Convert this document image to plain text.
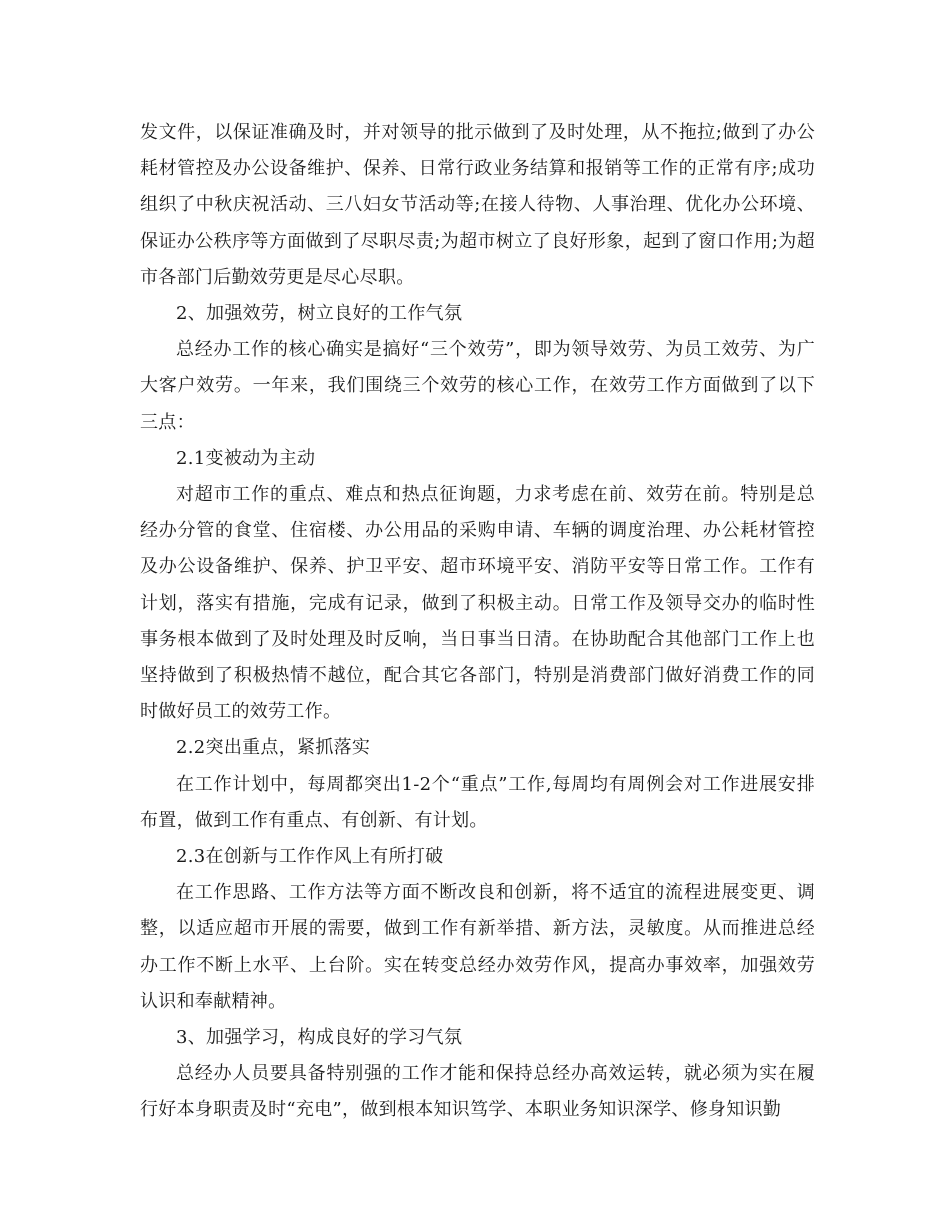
发文件，以保证准确及时，并对领导的批示做到了及时处理，从不拖拉;做到了办公耗材管控及办公设备维护、保养、日常行政业务结算和报销等工作的正常有序;成功组织了中秋庆祝活动、三八妇女节活动等;在接人待物、人事治理、优化办公环境、保证办公秩序等方面做到了尽职尽责;为超市树立了良好形象，起到了窗口作用;为超市各部门后勤效劳更是尽心尽职。

2、加强效劳，树立良好的工作气氛

总经办工作的核心确实是搞好“三个效劳”，即为领导效劳、为员工效劳、为广大客户效劳。一年来，我们围绕三个效劳的核心工作，在效劳工作方面做到了以下三点：

2.1变被动为主动

对超市工作的重点、难点和热点征询题，力求考虑在前、效劳在前。特别是总经办分管的食堂、住宿楼、办公用品的采购申请、车辆的调度治理、办公耗材管控及办公设备维护、保养、护卫平安、超市环境平安、消防平安等日常工作。工作有计划，落实有措施，完成有记录，做到了积极主动。日常工作及领导交办的临时性事务根本做到了及时处理及时反响，当日事当日清。在协助配合其他部门工作上也坚持做到了积极热情不越位，配合其它各部门，特别是消费部门做好消费工作的同时做好员工的效劳工作。

2.2突出重点，紧抓落实

在工作计划中，每周都突出1-2个“重点”工作,每周均有周例会对工作进展安排布置，做到工作有重点、有创新、有计划。

2.3在创新与工作作风上有所打破

在工作思路、工作方法等方面不断改良和创新，将不适宜的流程进展变更、调整，以适应超市开展的需要，做到工作有新举措、新方法，灵敏度。从而推进总经办工作不断上水平、上台阶。实在转变总经办效劳作风，提高办事效率，加强效劳认识和奉献精神。

3、加强学习，构成良好的学习气氛

总经办人员要具备特别强的工作才能和保持总经办高效运转，就必须为实在履行好本身职责及时“充电”，做到根本知识笃学、本职业务知识深学、修身知识勤
